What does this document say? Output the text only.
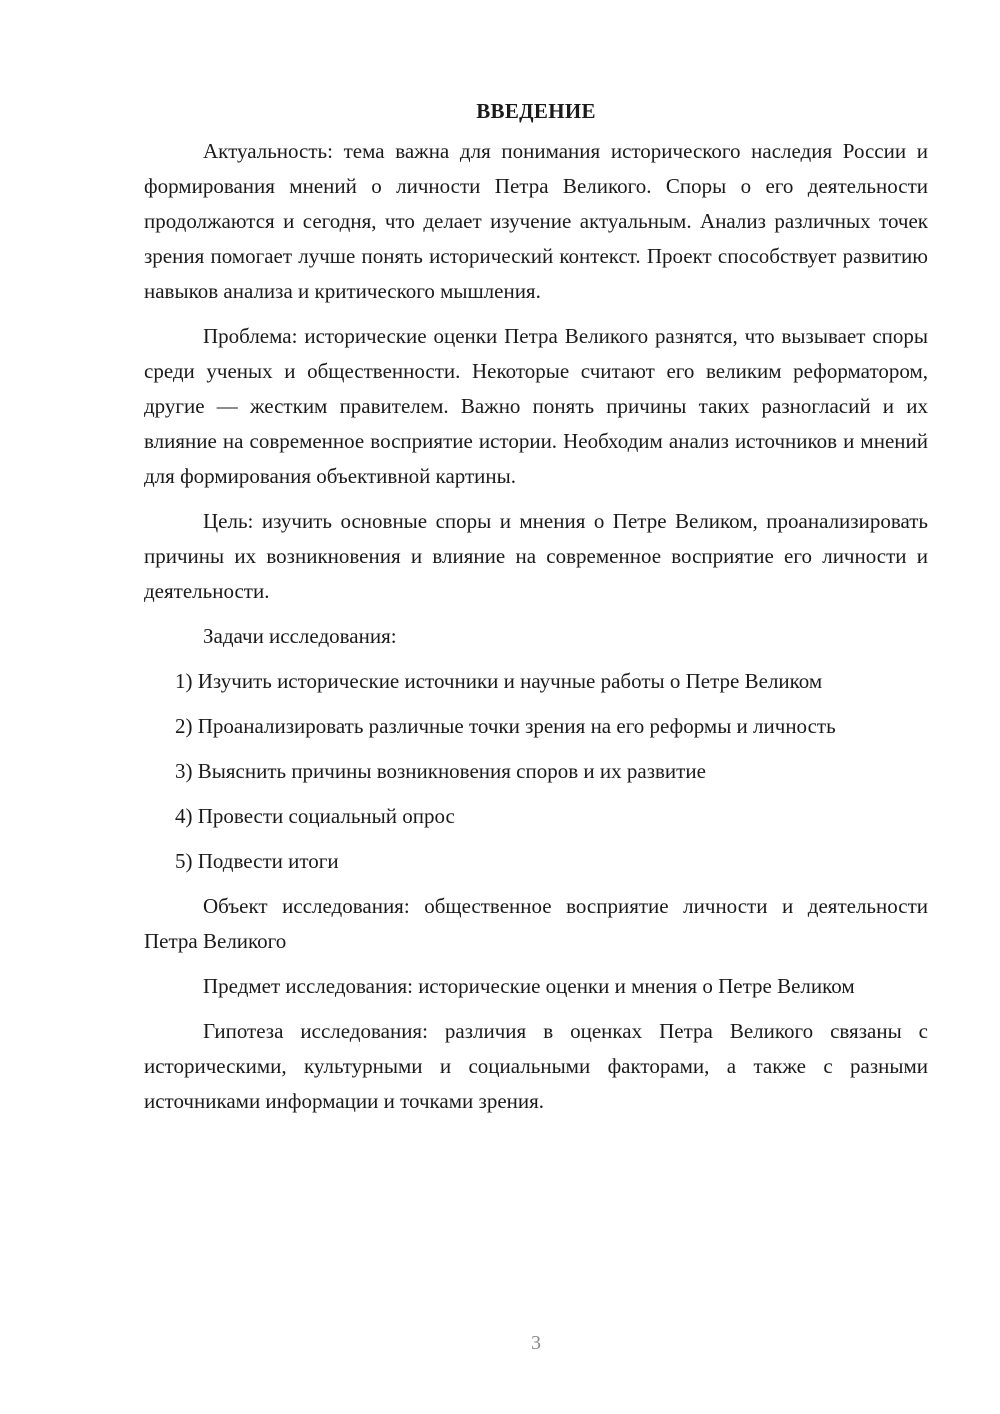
ВВЕДЕНИЕ

Актуальность: тема важна для понимания исторического наследия России и формирования мнений о личности Петра Великого. Споры о его деятельности продолжаются и сегодня, что делает изучение актуальным. Анализ различных точек зрения помогает лучше понять исторический контекст. Проект способствует развитию навыков анализа и критического мышления.

Проблема: исторические оценки Петра Великого разнятся, что вызывает споры среди ученых и общественности. Некоторые считают его великим реформатором, другие — жестким правителем. Важно понять причины таких разногласий и их влияние на современное восприятие истории. Необходим анализ источников и мнений для формирования объективной картины.

Цель: изучить основные споры и мнения о Петре Великом, проанализировать причины их возникновения и влияние на современное восприятие его личности и деятельности.

Задачи исследования:

1) Изучить исторические источники и научные работы о Петре Великом

2) Проанализировать различные точки зрения на его реформы и личность

3) Выяснить причины возникновения споров и их развитие

4) Провести социальный опрос

5) Подвести итоги

Объект исследования: общественное восприятие личности и деятельности Петра Великого

Предмет исследования: исторические оценки и мнения о Петре Великом

Гипотеза исследования: различия в оценках Петра Великого связаны с историческими, культурными и социальными факторами, а также с разными источниками информации и точками зрения.

3
